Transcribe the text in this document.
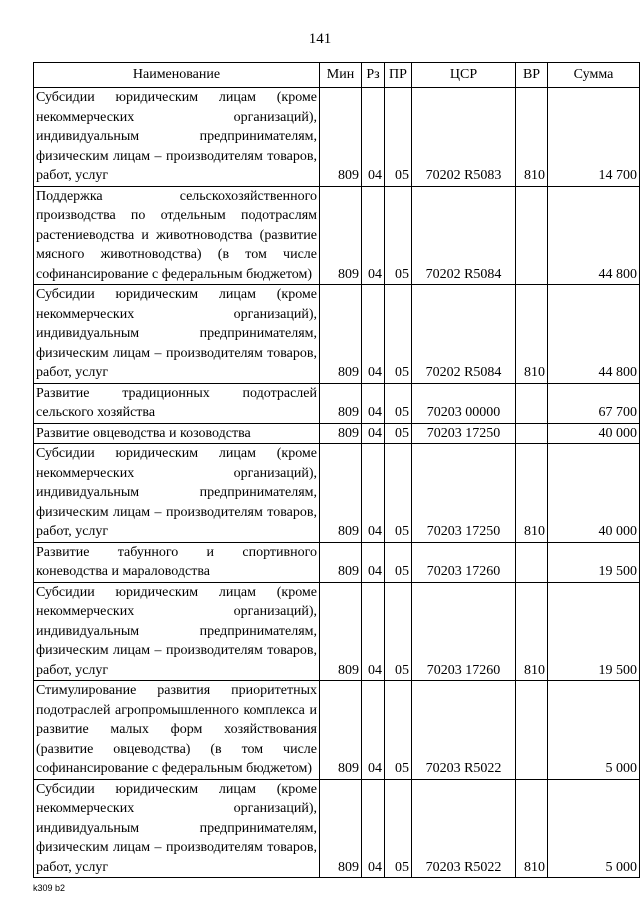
141
Наименование	Мин	Рз	ПР	ЦСР	ВР	Сумма
Субсидии юридическим лицам (кроме некоммерческих организаций), индивидуальным предпринимателям, физическим лицам – производителям товаров, работ, услуг	809	04	05	70202 R5083	810	14 700
Поддержка сельскохозяйственного производства по отдельным подотраслям растениеводства и животноводства (развитие мясного животноводства) (в том числе софинансирование с федеральным бюджетом)	809	04	05	70202 R5084		44 800
Субсидии юридическим лицам (кроме некоммерческих организаций), индивидуальным предпринимателям, физическим лицам – производителям товаров, работ, услуг	809	04	05	70202 R5084	810	44 800
Развитие традиционных подотраслей сельского хозяйства	809	04	05	70203 00000		67 700
Развитие овцеводства и козоводства	809	04	05	70203 17250		40 000
Субсидии юридическим лицам (кроме некоммерческих организаций), индивидуальным предпринимателям, физическим лицам – производителям товаров, работ, услуг	809	04	05	70203 17250	810	40 000
Развитие табунного и спортивного коневодства и мараловодства	809	04	05	70203 17260		19 500
Субсидии юридическим лицам (кроме некоммерческих организаций), индивидуальным предпринимателям, физическим лицам – производителям товаров, работ, услуг	809	04	05	70203 17260	810	19 500
Стимулирование развития приоритетных подотраслей агропромышленного комплекса и развитие малых форм хозяйствования (развитие овцеводства) (в том числе софинансирование с федеральным бюджетом)	809	04	05	70203 R5022		5 000
Субсидии юридическим лицам (кроме некоммерческих организаций), индивидуальным предпринимателям, физическим лицам – производителям товаров, работ, услуг	809	04	05	70203 R5022	810	5 000
k309 b2
